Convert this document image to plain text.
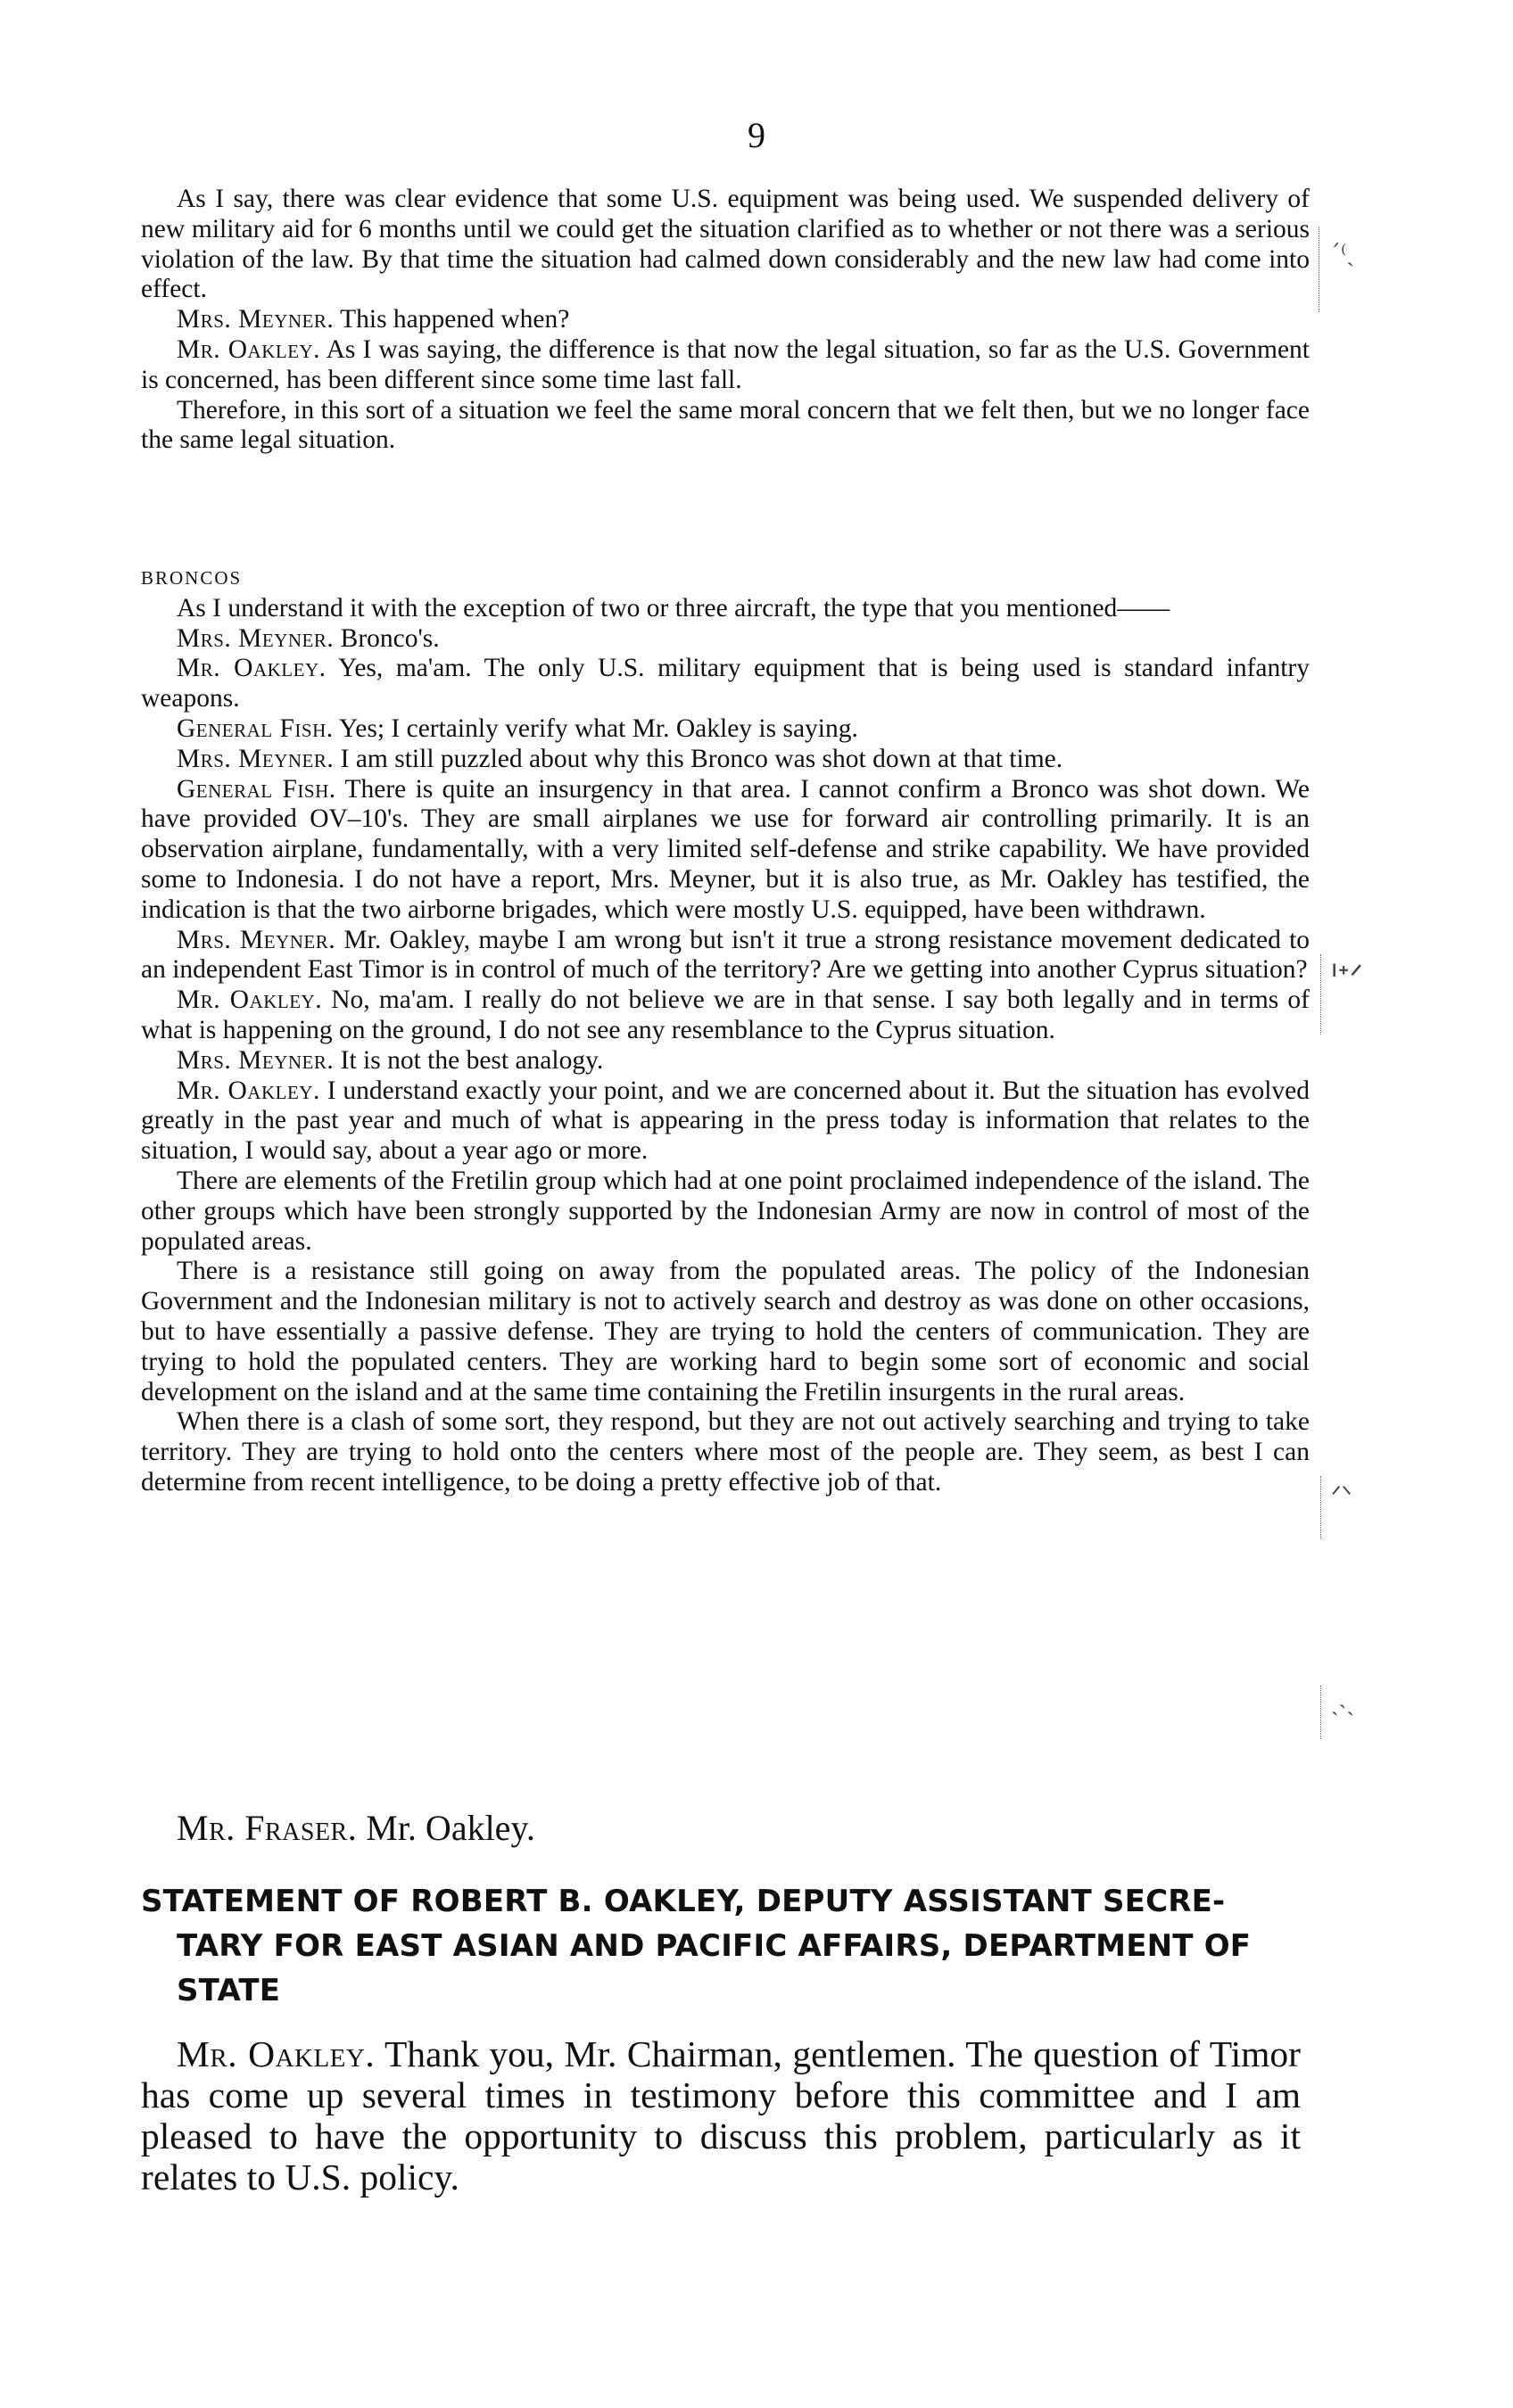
9

As I say, there was clear evidence that some U.S. equipment was being used. We suspended delivery of new military aid for 6 months until we could get the situation clarified as to whether or not there was a serious violation of the law. By that time the situation had calmed down considerably and the new law had come into effect.

Mrs. Meyner. This happened when?

Mr. Oakley. As I was saying, the difference is that now the legal situation, so far as the U.S. Government is concerned, has been different since some time last fall.

Therefore, in this sort of a situation we feel the same moral concern that we felt then, but we no longer face the same legal situation.

BRONCOS

As I understand it with the exception of two or three aircraft, the type that you mentioned——

Mrs. Meyner. Bronco's.

Mr. Oakley. Yes, ma'am. The only U.S. military equipment that is being used is standard infantry weapons.

General Fish. Yes; I certainly verify what Mr. Oakley is saying.

Mrs. Meyner. I am still puzzled about why this Bronco was shot down at that time.

General Fish. There is quite an insurgency in that area. I cannot confirm a Bronco was shot down. We have provided OV–10's. They are small airplanes we use for forward air controlling primarily. It is an observation airplane, fundamentally, with a very limited self-defense and strike capability. We have provided some to Indonesia. I do not have a report, Mrs. Meyner, but it is also true, as Mr. Oakley has testified, the indication is that the two airborne brigades, which were mostly U.S. equipped, have been withdrawn.

Mrs. Meyner. Mr. Oakley, maybe I am wrong but isn't it true a strong resistance movement dedicated to an independent East Timor is in control of much of the territory? Are we getting into another Cyprus situation?

Mr. Oakley. No, ma'am. I really do not believe we are in that sense. I say both legally and in terms of what is happening on the ground, I do not see any resemblance to the Cyprus situation.

Mrs. Meyner. It is not the best analogy.

Mr. Oakley. I understand exactly your point, and we are concerned about it. But the situation has evolved greatly in the past year and much of what is appearing in the press today is information that relates to the situation, I would say, about a year ago or more.

There are elements of the Fretilin group which had at one point proclaimed independence of the island. The other groups which have been strongly supported by the Indonesian Army are now in control of most of the populated areas.

There is a resistance still going on away from the populated areas. The policy of the Indonesian Government and the Indonesian military is not to actively search and destroy as was done on other occasions, but to have essentially a passive defense. They are trying to hold the centers of communication. They are trying to hold the populated centers. They are working hard to begin some sort of economic and social development on the island and at the same time containing the Fretilin insurgents in the rural areas.

When there is a clash of some sort, they respond, but they are not out actively searching and trying to take territory. They are trying to hold onto the centers where most of the people are. They seem, as best I can determine from recent intelligence, to be doing a pretty effective job of that.

Mr. Fraser. Mr. Oakley.
STATEMENT OF ROBERT B. OAKLEY, DEPUTY ASSISTANT SECRE-
TARY FOR EAST ASIAN AND PACIFIC AFFAIRS, DEPARTMENT OF
STATE

Mr. Oakley. Thank you, Mr. Chairman, gentlemen. The question of Timor has come up several times in testimony before this committee and I am pleased to have the opportunity to discuss this problem, particularly as it relates to U.S. policy.

ˊ⁽ˎ
ᑊᐩᐟ
ᐟᐠ
ˎ˴ˎ
